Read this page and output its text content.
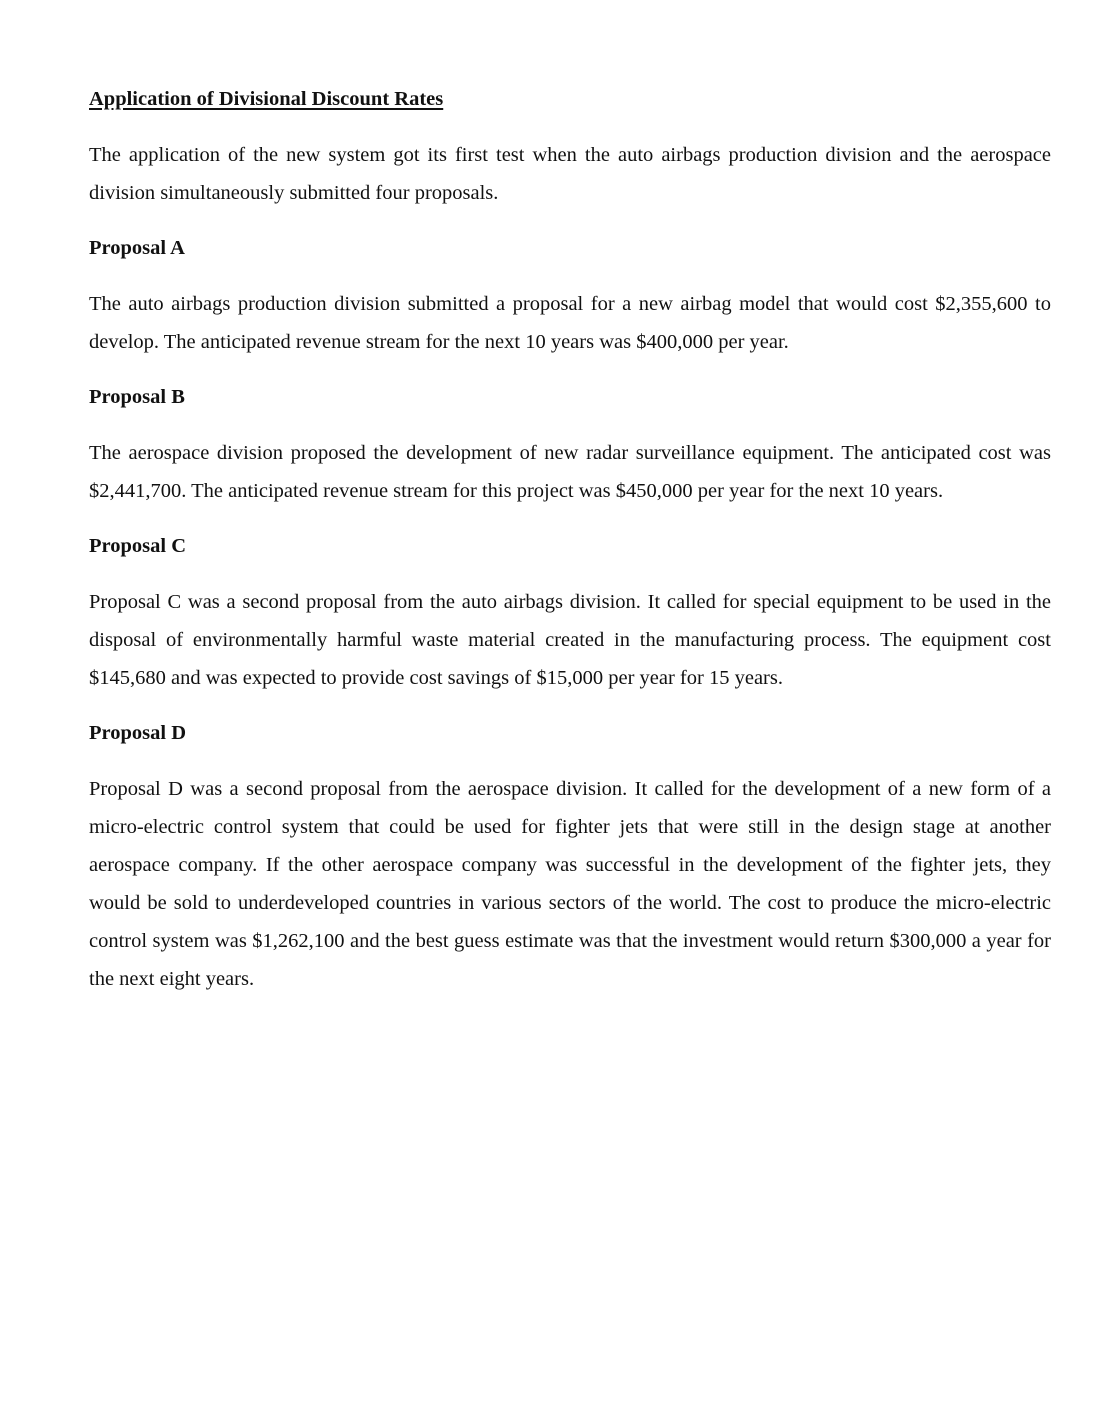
Application of Divisional Discount Rates

The application of the new system got its first test when the auto airbags production division and the aerospace division simultaneously submitted four proposals.

Proposal A

The auto airbags production division submitted a proposal for a new airbag model that would cost $2,355,600 to develop. The anticipated revenue stream for the next 10 years was $400,000 per year.

Proposal B

The aerospace division proposed the development of new radar surveillance equipment. The anticipated cost was $2,441,700. The anticipated revenue stream for this project was $450,000 per year for the next 10 years.

Proposal C

Proposal C was a second proposal from the auto airbags division. It called for special equipment to be used in the disposal of environmentally harmful waste material created in the manufacturing process. The equipment cost $145,680 and was expected to provide cost savings of $15,000 per year for 15 years.

Proposal D

Proposal D was a second proposal from the aerospace division. It called for the development of a new form of a micro-electric control system that could be used for fighter jets that were still in the design stage at another aerospace company. If the other aerospace company was successful in the development of the fighter jets, they would be sold to underdeveloped countries in various sectors of the world. The cost to produce the micro-electric control system was $1,262,100 and the best guess estimate was that the investment would return $300,000 a year for the next eight years.
